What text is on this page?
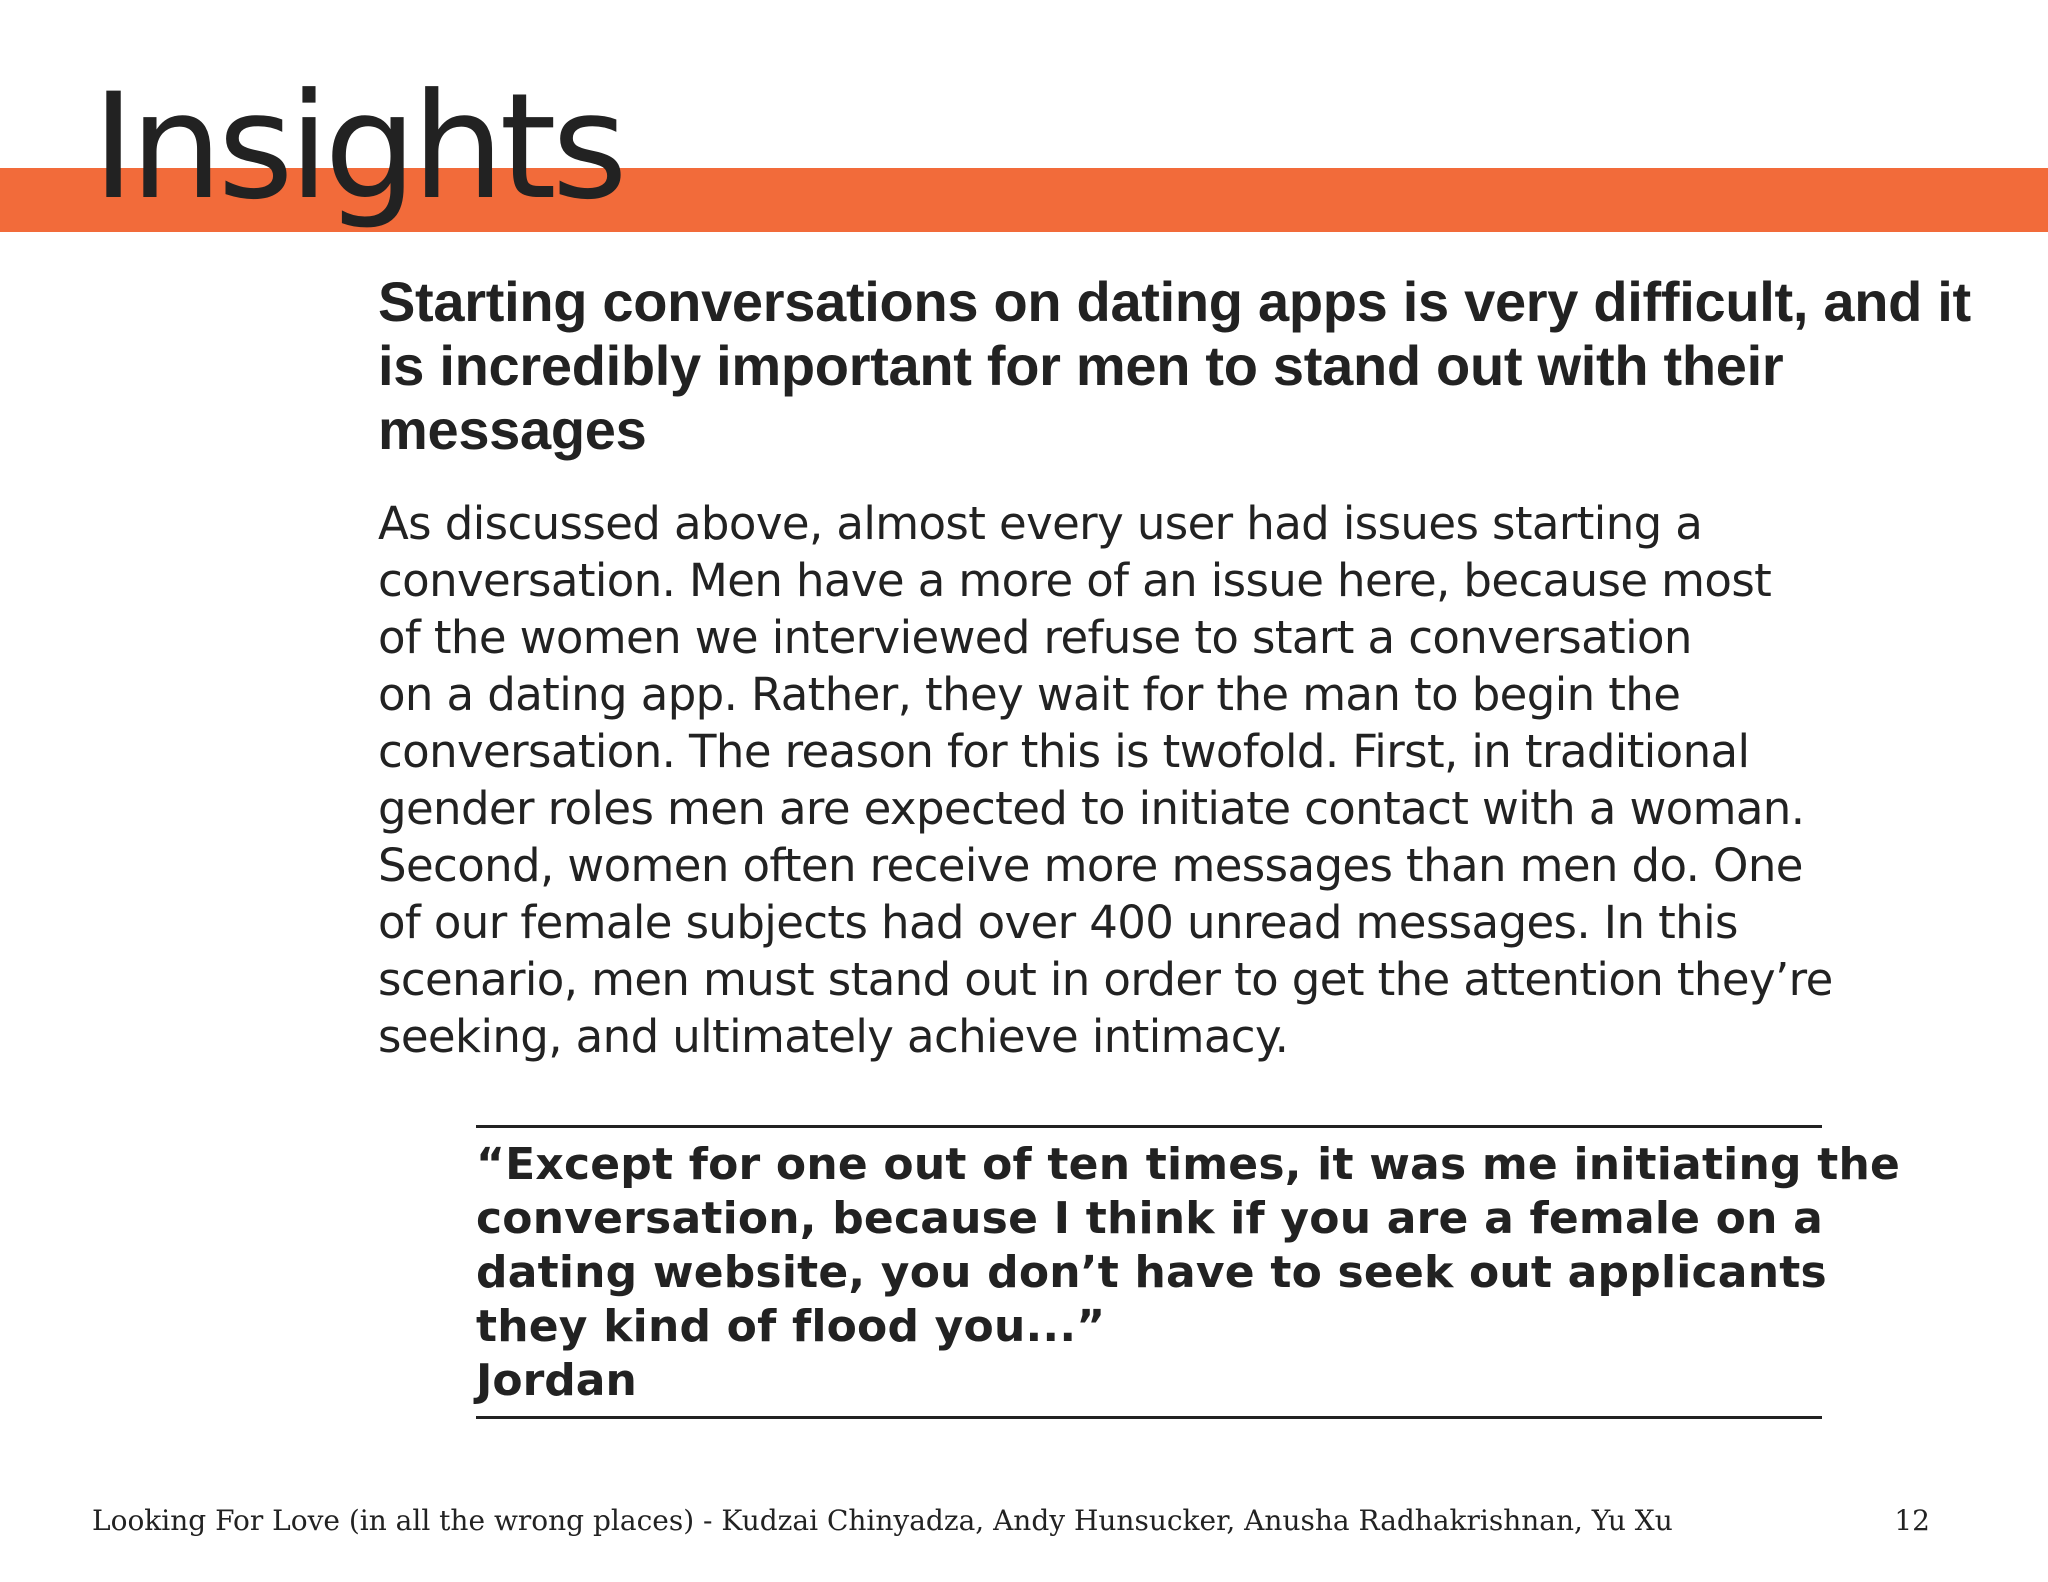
Insights
Starting conversations on dating apps is very difficult, and it is incredibly important for men to stand out with their messages
As discussed above, almost every user had issues starting a
conversation. Men have a more of an issue here, because most
of the women we interviewed refuse to start a conversation
on a dating app. Rather, they wait for the man to begin the
conversation. The reason for this is twofold. First, in traditional
gender roles men are expected to initiate contact with a woman.
Second, women often receive more messages than men do. One
of our female subjects had over 400 unread messages. In this
scenario, men must stand out in order to get the attention they’re
seeking, and ultimately achieve intimacy.

“Except for one out of ten times, it was me initiating the
conversation, because I think if you are a female on a
dating website, you don’t have to seek out applicants
they kind of flood you...”

Jordan

Looking For Love (in all the wrong places) - Kudzai Chinyadza, Andy Hunsucker, Anusha Radhakrishnan, Yu Xu	12
